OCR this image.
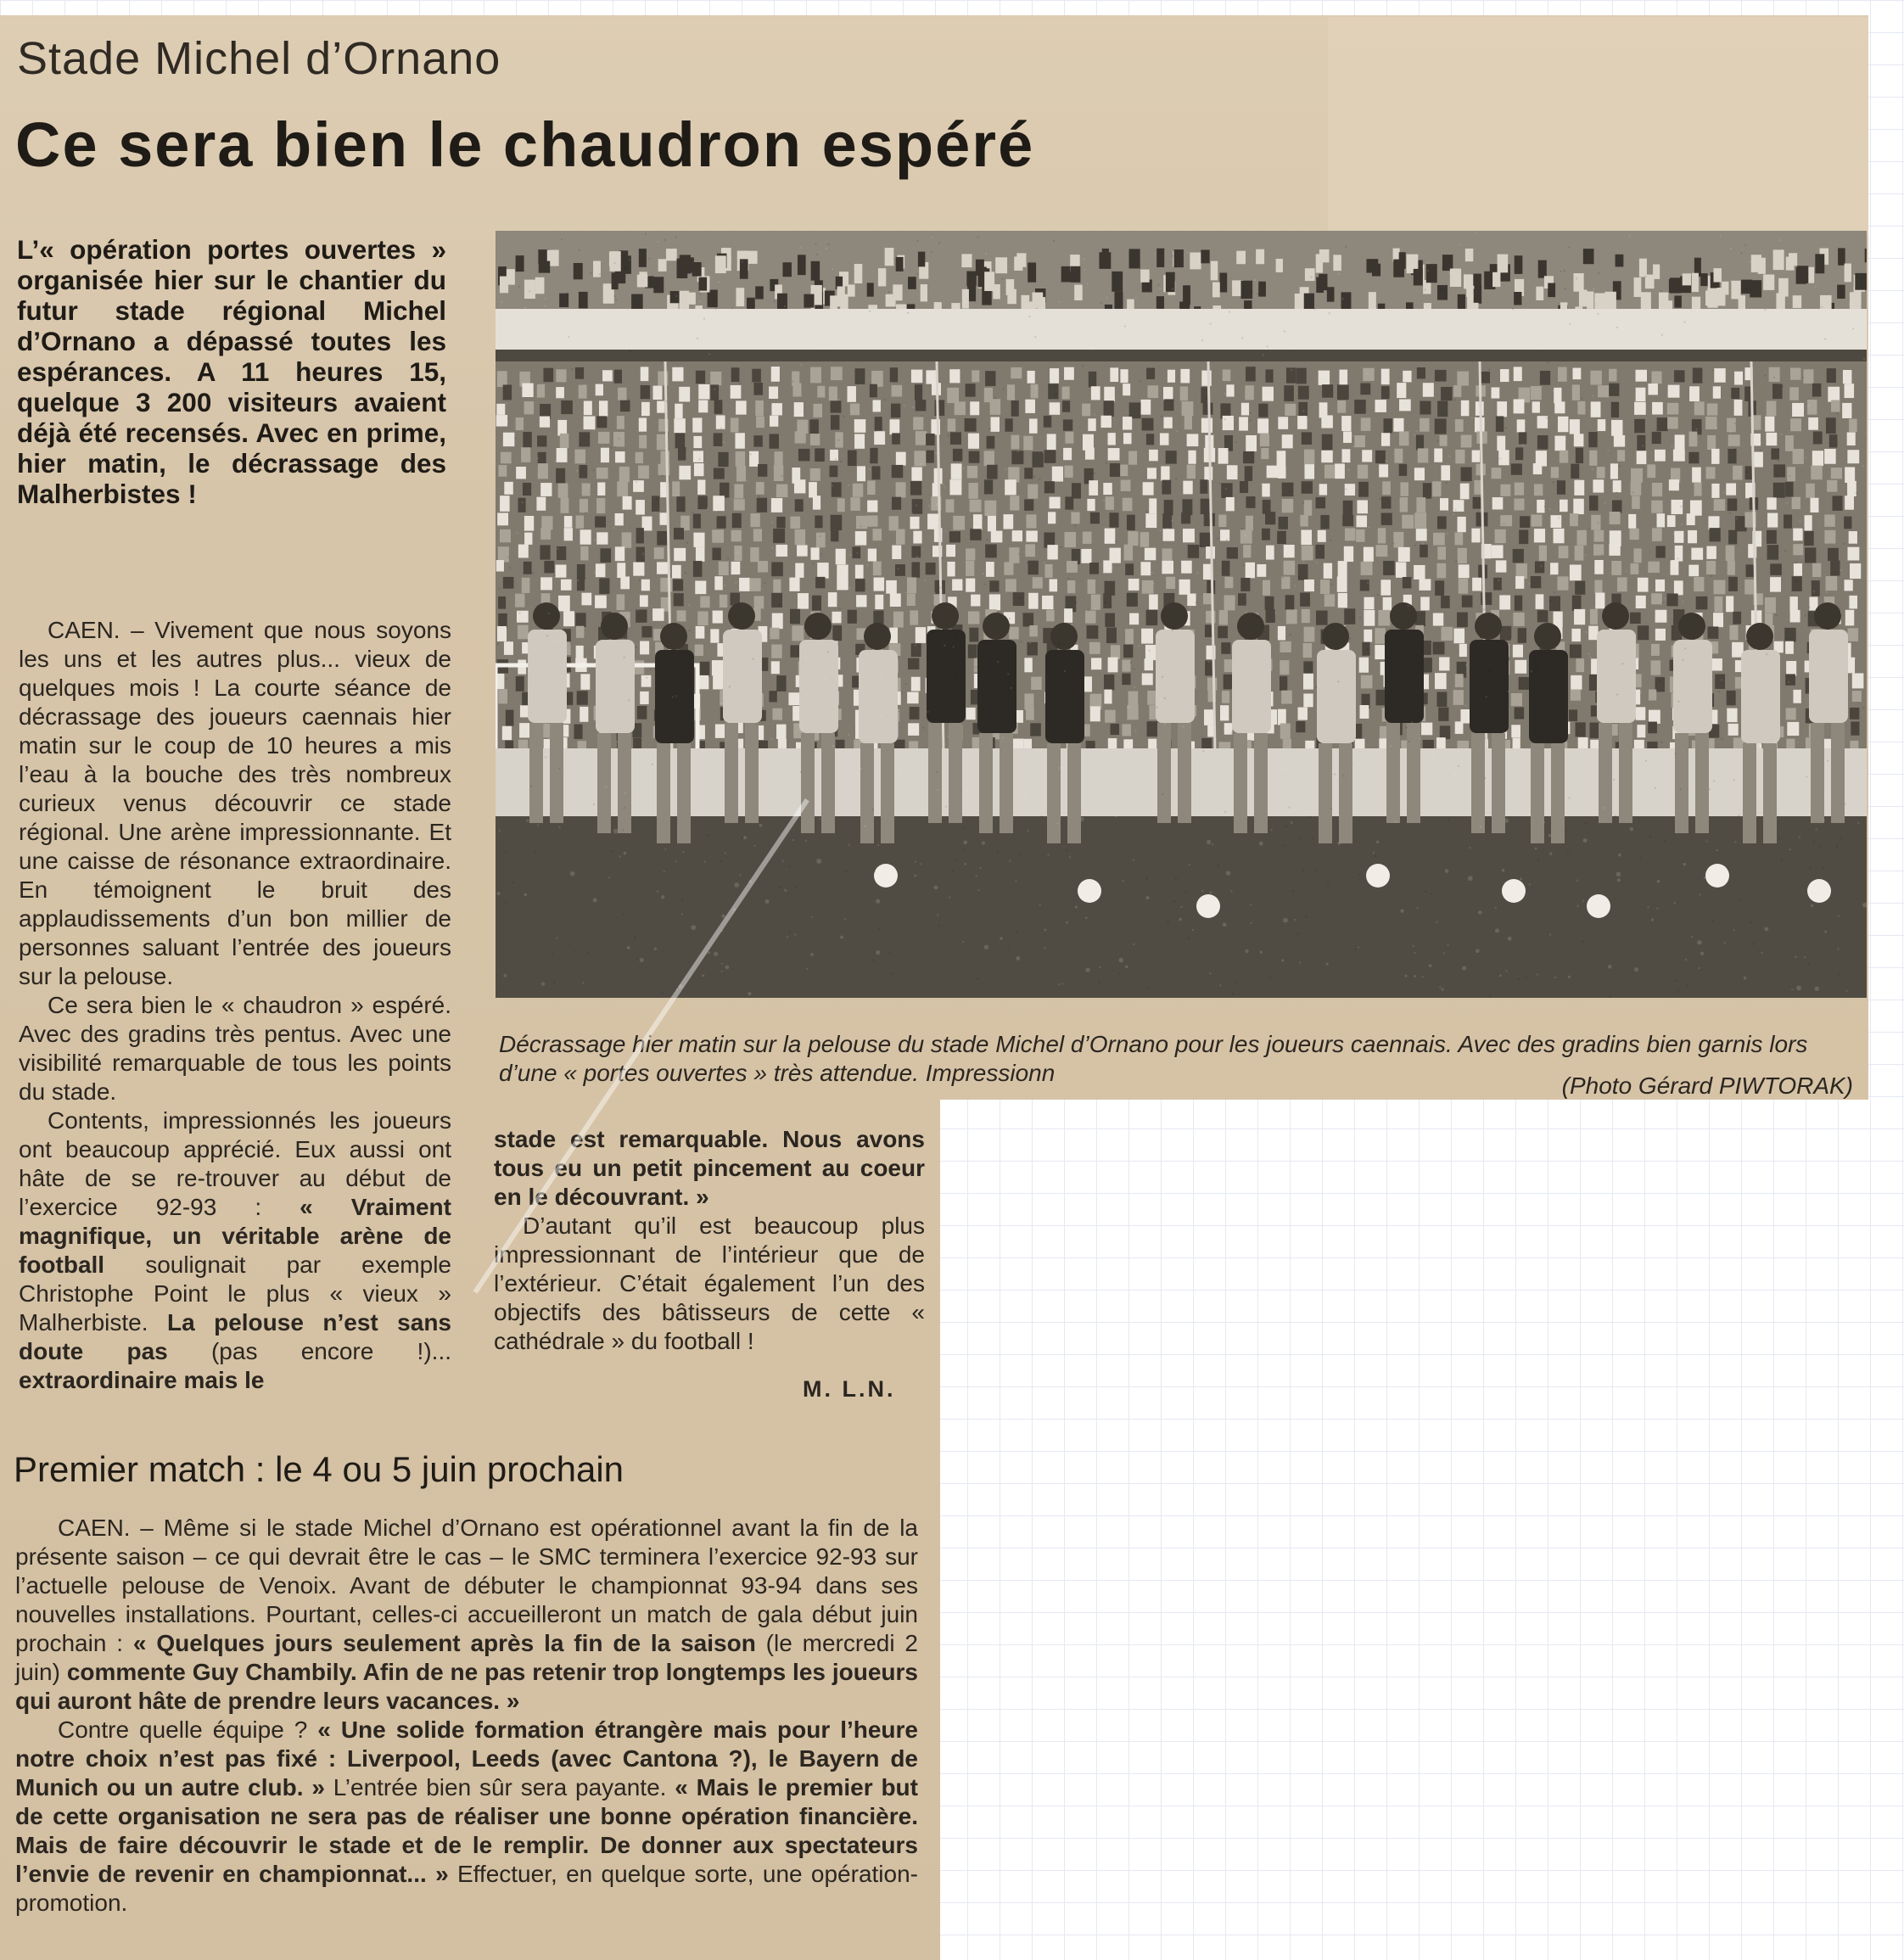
Stade Michel d’Ornano
Ce sera bien le chaudron espéré

L’« opération portes ouvertes » organisée hier sur le chantier du futur stade régional Michel d’Ornano a dépassé toutes les espérances. A 11 heures 15, quelque 3 200 visiteurs avaient déjà été recensés. Avec en prime, hier matin, le décrassage des Malherbistes !

Décrassage hier matin sur la pelouse du stade Michel d’Ornano pour les joueurs caennais. Avec des gradins bien garnis lors d’une « portes ouvertes » très attendue. Impressionn	(Photo Gérard PIWTORAK)

CAEN. – Vivement que nous soyons les uns et les autres plus... vieux de quelques mois ! La courte séance de décrassage des joueurs caennais hier matin sur le coup de 10 heures a mis l’eau à la bouche des très nombreux curieux venus découvrir ce stade régional. Une arène impressionnante. Et une caisse de résonance extraordinaire. En témoignent le bruit des applaudissements d’un bon millier de personnes saluant l’entrée des joueurs sur la pelouse.

Ce sera bien le « chaudron » espéré. Avec des gradins très pentus. Avec une visibilité remarquable de tous les points du stade.

Contents, impressionnés les joueurs ont beaucoup apprécié. Eux aussi ont hâte de se re-trouver au début de l’exercice 92-93 : « Vraiment magnifique, un véritable arène de football soulignait par exemple Christophe Point le plus « vieux » Malherbiste. La pelouse n’est sans doute pas (pas encore !)... extraordinaire mais le

stade est remarquable. Nous avons tous eu un petit pincement au coeur en le découvrant. »

D’autant qu’il est beaucoup plus impressionnant de l’intérieur que de l’extérieur. C’était également l’un des objectifs des bâtisseurs de cette « cathédrale » du football !

M. L.N.
Premier match : le 4 ou 5 juin prochain

CAEN. – Même si le stade Michel d’Ornano est opérationnel avant la fin de la présente saison – ce qui devrait être le cas – le SMC terminera l’exercice 92-93 sur l’actuelle pelouse de Venoix. Avant de débuter le championnat 93-94 dans ses nouvelles installations. Pourtant, celles-ci accueilleront un match de gala début juin prochain : « Quelques jours seulement après la fin de la saison (le mercredi 2 juin) commente Guy Chambily. Afin de ne pas retenir trop longtemps les joueurs qui auront hâte de prendre leurs vacances. »

Contre quelle équipe ? « Une solide formation étrangère mais pour l’heure notre choix n’est pas fixé : Liverpool, Leeds (avec Cantona ?), le Bayern de Munich ou un autre club. » L’entrée bien sûr sera payante. « Mais le premier but de cette organisation ne sera pas de réaliser une bonne opération financière. Mais de faire découvrir le stade et de le remplir. De donner aux spectateurs l’envie de revenir en championnat... » Effectuer, en quelque sorte, une opération-promotion.
